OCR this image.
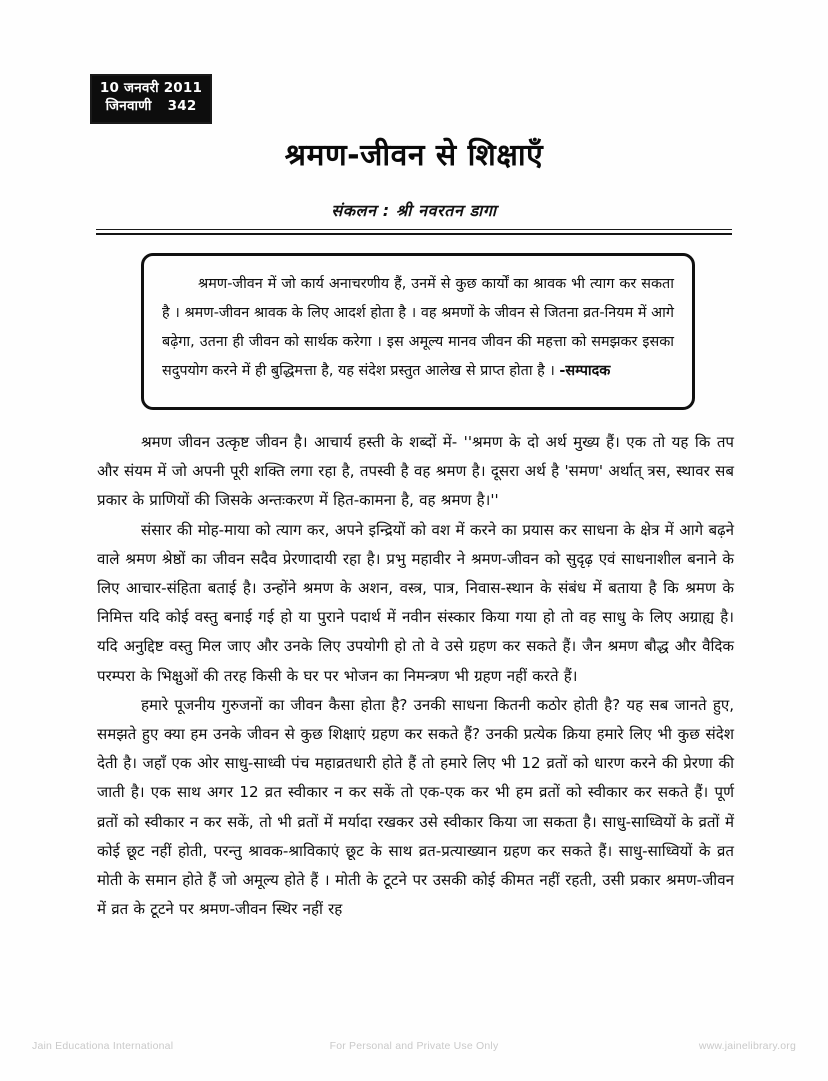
10 जनवरी 2011
जिनवाणी 342
श्रमण-जीवन से शिक्षाएँ
संकलन : श्री नवरतन डागा

श्रमण-जीवन में जो कार्य अनाचरणीय हैं, उनमें से कुछ कार्यों का श्रावक भी त्याग कर सकता है । श्रमण-जीवन श्रावक के लिए आदर्श होता है । वह श्रमणों के जीवन से जितना व्रत-नियम में आगे बढ़ेगा, उतना ही जीवन को सार्थक करेगा । इस अमूल्य मानव जीवन की महत्ता को समझकर इसका सदुपयोग करने में ही बुद्धिमत्ता है, यह संदेश प्रस्तुत आलेख से प्राप्त होता है । -सम्पादक

श्रमण जीवन उत्कृष्ट जीवन है। आचार्य हस्ती के शब्दों में- ''श्रमण के दो अर्थ मुख्य हैं। एक तो यह कि तप और संयम में जो अपनी पूरी शक्ति लगा रहा है, तपस्वी है वह श्रमण है। दूसरा अर्थ है 'समण' अर्थात् त्रस, स्थावर सब प्रकार के प्राणियों की जिसके अन्तःकरण में हित-कामना है, वह श्रमण है।''

संसार की मोह-माया को त्याग कर, अपने इन्द्रियों को वश में करने का प्रयास कर साधना के क्षेत्र में आगे बढ़ने वाले श्रमण श्रेष्ठों का जीवन सदैव प्रेरणादायी रहा है। प्रभु महावीर ने श्रमण-जीवन को सुदृढ़ एवं साधनाशील बनाने के लिए आचार-संहिता बताई है। उन्होंने श्रमण के अशन, वस्त्र, पात्र, निवास-स्थान के संबंध में बताया है कि श्रमण के निमित्त यदि कोई वस्तु बनाई गई हो या पुराने पदार्थ में नवीन संस्कार किया गया हो तो वह साधु के लिए अग्राह्य है। यदि अनुद्दिष्ट वस्तु मिल जाए और उनके लिए उपयोगी हो तो वे उसे ग्रहण कर सकते हैं। जैन श्रमण बौद्ध और वैदिक परम्परा के भिक्षुओं की तरह किसी के घर पर भोजन का निमन्त्रण भी ग्रहण नहीं करते हैं।

हमारे पूजनीय गुरुजनों का जीवन कैसा होता है? उनकी साधना कितनी कठोर होती है? यह सब जानते हुए, समझते हुए क्या हम उनके जीवन से कुछ शिक्षाएं ग्रहण कर सकते हैं? उनकी प्रत्येक क्रिया हमारे लिए भी कुछ संदेश देती है। जहाँ एक ओर साधु-साध्वी पंच महाव्रतधारी होते हैं तो हमारे लिए भी 12 व्रतों को धारण करने की प्रेरणा की जाती है। एक साथ अगर 12 व्रत स्वीकार न कर सकें तो एक-एक कर भी हम व्रतों को स्वीकार कर सकते हैं। पूर्ण व्रतों को स्वीकार न कर सकें, तो भी व्रतों में मर्यादा रखकर उसे स्वीकार किया जा सकता है। साधु-साध्वियों के व्रतों में कोई छूट नहीं होती, परन्तु श्रावक-श्राविकाएं छूट के साथ व्रत-प्रत्याख्यान ग्रहण कर सकते हैं। साधु-साध्वियों के व्रत मोती के समान होते हैं जो अमूल्य होते हैं । मोती के टूटने पर उसकी कोई कीमत नहीं रहती, उसी प्रकार श्रमण-जीवन में व्रत के टूटने पर श्रमण-जीवन स्थिर नहीं रह

Jain Educationa International	For Personal and Private Use Only	www.jainelibrary.org
